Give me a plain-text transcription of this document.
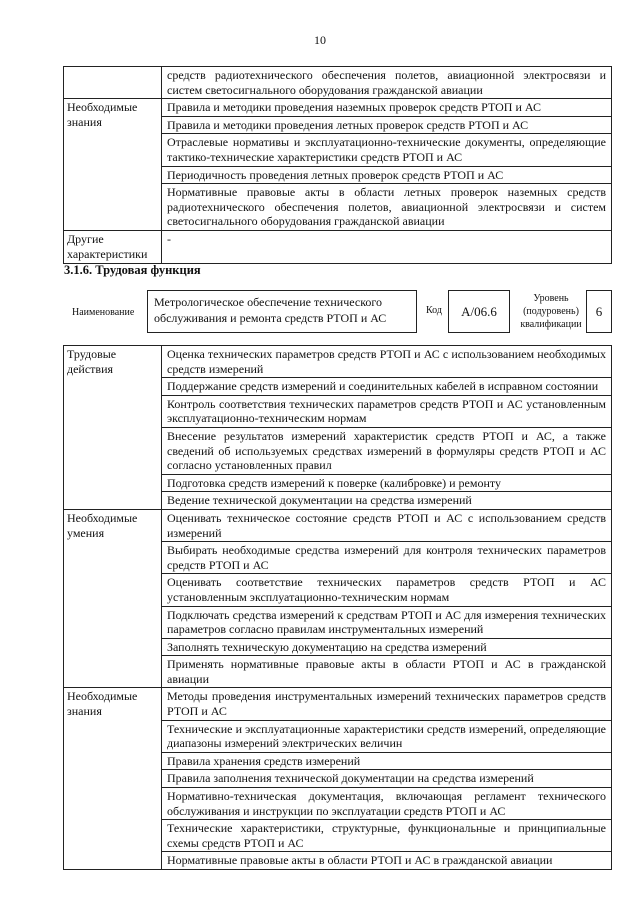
10
	средств радиотехнического обеспечения полетов, авиационной электросвязи и систем светосигнального оборудования гражданской авиации
Необходимые знания	Правила и методики проведения наземных проверок средств РТОП и АС
	Правила и методики проведения летных проверок средств РТОП и АС
	Отраслевые нормативы и эксплуатационно-технические документы, определяющие тактико-технические характеристики средств РТОП и АС
	Периодичность проведения летных проверок средств РТОП и АС
	Нормативные правовые акты в области летных проверок наземных средств радиотехнического обеспечения полетов, авиационной электросвязи и систем светосигнального оборудования гражданской авиации
Другие характеристики	-
3.1.6. Трудовая функция
Наименование
Метрологическое обеспечение технического обслуживания и ремонта средств РТОП и АС
Код	А/06.6
Уровень (подуровень) квалификации
6
Трудовые действия	Оценка технических параметров средств РТОП и АС с использованием необходимых средств измерений
	Поддержание средств измерений и соединительных кабелей в исправном состоянии
	Контроль соответствия технических параметров средств РТОП и АС установленным эксплуатационно-техническим нормам
	Внесение результатов измерений характеристик средств РТОП и АС, а также сведений об используемых средствах измерений в формуляры средств РТОП и АС согласно установленных правил
	Подготовка средств измерений к поверке (калибровке) и ремонту
	Ведение технической документации на средства измерений
Необходимые умения	Оценивать техническое состояние средств РТОП и АС с использованием средств измерений
	Выбирать необходимые средства измерений для контроля технических параметров средств РТОП и АС
	Оценивать соответствие технических параметров средств РТОП и АС установленным эксплуатационно-техническим нормам
	Подключать средства измерений к средствам РТОП и АС для измерения технических параметров согласно правилам инструментальных измерений
	Заполнять техническую документацию на средства измерений
	Применять нормативные правовые акты в области РТОП и АС в гражданской авиации
Необходимые знания	Методы проведения инструментальных измерений технических параметров средств РТОП и АС
	Технические и эксплуатационные характеристики средств измерений, определяющие диапазоны измерений электрических величин
	Правила хранения средств измерений
	Правила заполнения технической документации на средства измерений
	Нормативно-техническая документация, включающая регламент технического обслуживания и инструкции по эксплуатации средств РТОП и АС
	Технические характеристики, структурные, функциональные и принципиальные схемы средств РТОП и АС
	Нормативные правовые акты в области РТОП и АС в гражданской авиации
